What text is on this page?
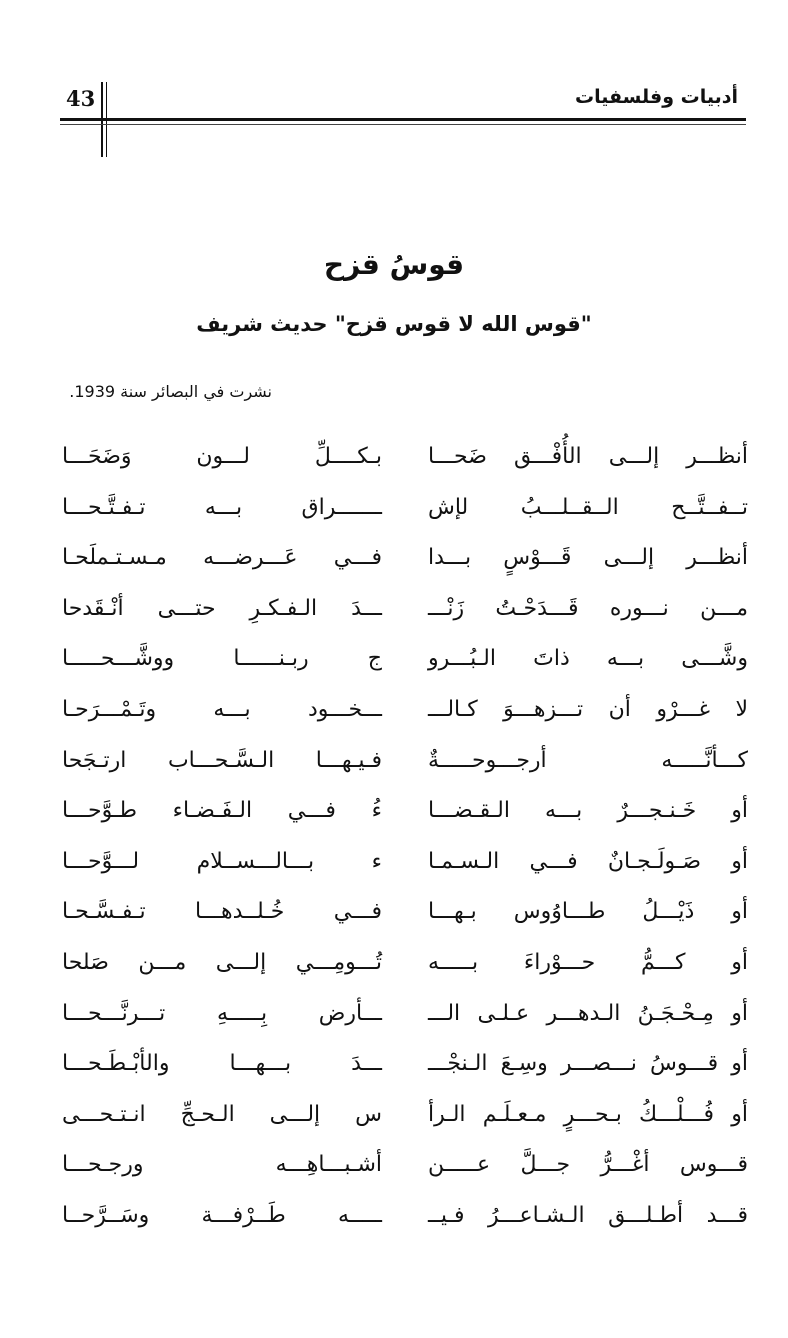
43	أدبيات وفلسفيات
قوسُ قزح
"قوس الله لا قوس قزح" حديث شريف
نشرت في البصائر سنة 1939.
أنظـــر إلـــى الأُفْـــق ضَحـــا
بـكــــلِّ لـــون وَضَحَـــا
تــفــتَّــح الــقــلـــبُ لإش
ـــــــراق بـــه تـفـتَّـحـــا
أنظـــر إلـــى قَـــوْسٍ بـــدا
فـــي عَـــرضـــه مـسـتـملَحـا
مـــن نـــوره قَـــدَحْـتُ زَنْـــ
ـــدَ الـفـكـرِ حتـــى أنْـقَدحا
وشَّـــى بـــه ذاتَ الـبُـــرو
ج ربـنــــــا ووشَّـــحـــــا
لا غـــرْو أن تـــزهـــوَ كـالـــ
ـــخـــود بـــه وتَـمْـــرَحـا
كـــأنَّـــــه أرجـــوحـــــةٌ
فـيـهـــا الـسَّـحـــاب ارتـجَحا
أو خَـنـجـــرٌ بـــه الـقـضـــا
ءُ فـــي الـفَـضـاء طـوَّحـــا
أو صَـولَـجـانٌ فـــي الـسـمـا
ء بـــالـــســلام لـــوَّحـــا
أو ذَيْـــلُ طـــاوُوس بـهـــا
فـــي خُـلــدهـــا تـفـسَّـحـا
أو كـــمُّ حـــوْراءَ بـــــه
تُـــومِـــي إلـــى مـــن صَلحا
أو مِـحْـجَـنُ الـدهـــر عـلـى الـــ
ـــأرض بِـــــهِ تـــرنَّـــحـــا
أو قـــوسُ نـــصـــر وسِـعَ الـنجْـــ
ـــدَ بـــهـــا والأبْـطَـحـــا
أو فُـــلْـــكُ بـحـــرٍ مـعـلَـم الـرأ
س إلـــى الـحـجِّ انـتـحـــى
قـــوس أغْـــرُّ جـــلَّ عـــــن
أشـبـــاهِـــه ورجـحـــا
قـــد أطـلـــق الـشـاعـــرُ فـيــ
ـــــه طَــرْفـــة وسَــرَّحــا
